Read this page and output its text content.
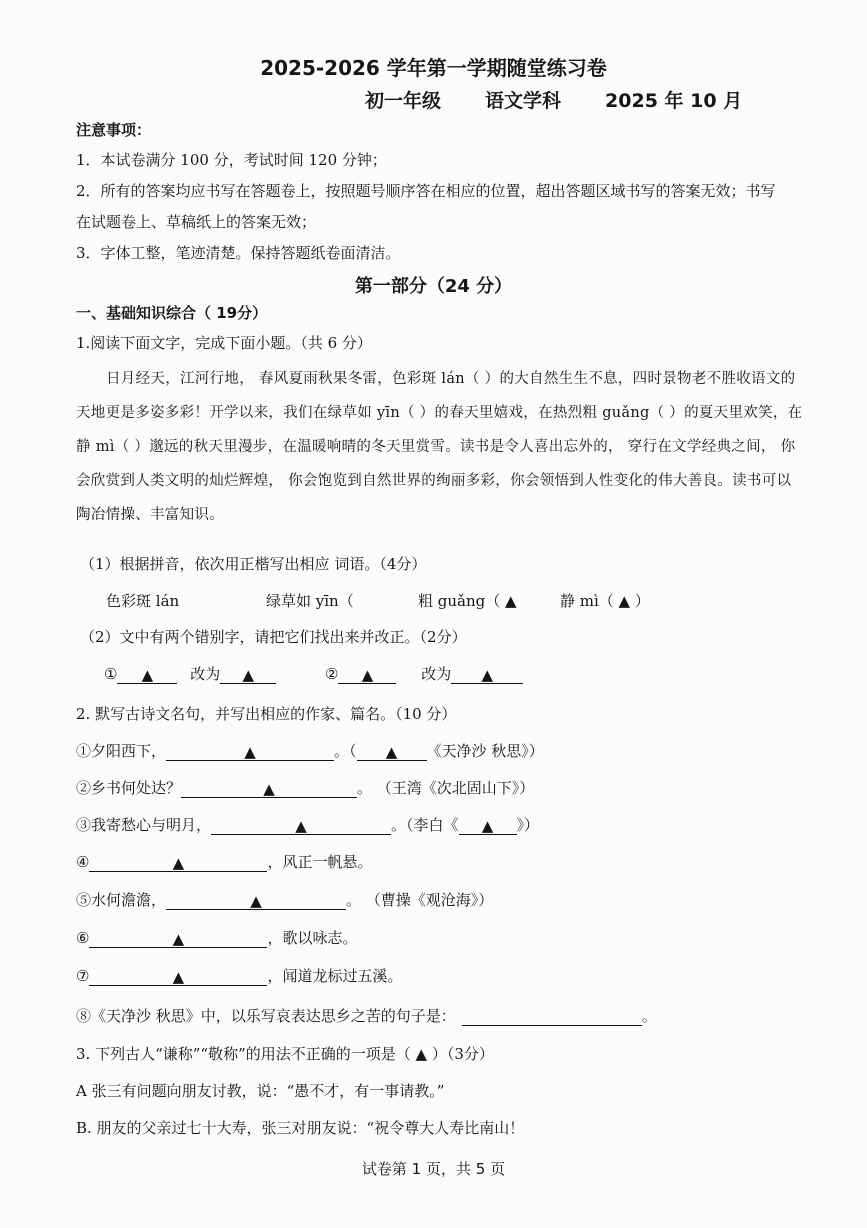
2025-2026 学年第一学期随堂练习卷
初一年级 语文学科 2025 年 10 月
注意事项：
1．本试卷满分 100 分，考试时间 120 分钟；
2．所有的答案均应书写在答题卷上，按照题号顺序答在相应的位置，超出答题区域书写的答案无效；书写
在试题卷上、草稿纸上的答案无效；
3．字体工整，笔迹清楚。保持答题纸卷面清洁。
第一部分（24 分）
一、基础知识综合（ 19分）
1.阅读下面文字，完成下面小题。（共 6 分）
日月经天，江河行地， 春风夏雨秋果冬雷，色彩斑 lán（ ）的大自然生生不息，四时景物老不胜收语文的天地更是多姿多彩！开学以来，我们在绿草如 yīn（ ）的春天里嬉戏，在热烈粗 guǎng（ ）的夏天里欢笑，在静 mì（ ）邈远的秋天里漫步，在温暖响晴的冬天里赏雪。读书是令人喜出忘外的， 穿行在文学经典之间， 你会欣赏到人类文明的灿烂辉煌， 你会饱览到自然世界的绚丽多彩，你会领悟到人性变化的伟大善良。读书可以陶冶情操、丰富知识。
（1）根据拼音，依次用正楷写出相应 词语。（4分）
色彩斑 lán	绿草如 yīn（	粗 guǎng（ ▲	静 mì（ ▲ ）
（2）文中有两个错别字，请把它们找出来并改正。（2分）
① ▲ 改为 ▲	② ▲	改为 ▲
2. 默写古诗文名句，并写出相应的作家、篇名。（10 分）
①夕阳西下，	▲	。（ ▲ 《天净沙 秋思》）
②乡书何处达？	▲	。 （王湾《次北固山下》）
③我寄愁心与明月，	▲	。（李白《 ▲ 》）
④	▲	，风正一帆悬。
⑤水何澹澹，	▲	。 （曹操《观沧海》）
⑥	▲	，歌以咏志。
⑦	▲	，闻道龙标过五溪。
⑧《天净沙 秋思》中，以乐写哀表达思乡之苦的句子是：	。
3. 下列古人“谦称”“敬称”的用法不正确的一项是（ ▲ ）（3分）
A 张三有问题向朋友讨教，说：“愚不才，有一事请教。”
B. 朋友的父亲过七十大寿，张三对朋友说：“祝令尊大人寿比南山！
试卷第 1 页，共 5 页
